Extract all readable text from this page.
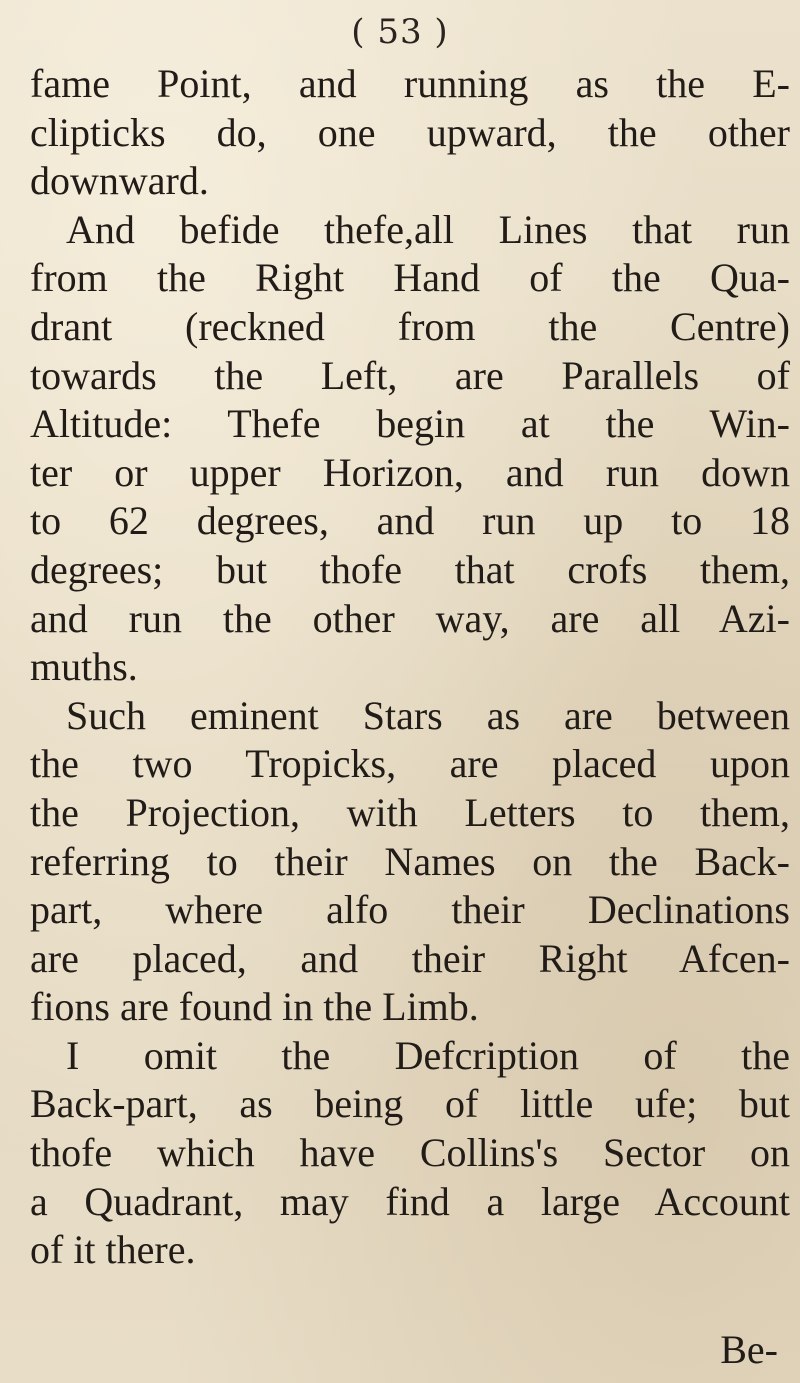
( 53 )
fame Point, and running as the E-
clipticks do, one upward, the other
downward.
And befide thefe,all Lines that run
from the Right Hand of the Qua-
drant (reckned from the Centre)
towards the Left, are Parallels of
Altitude: Thefe begin at the Win-
ter or upper Horizon, and run down
to 62 degrees, and run up to 18
degrees; but thofe that crofs them,
and run the other way, are all Azi-
muths.
Such eminent Stars as are between
the two Tropicks, are placed upon
the Projection, with Letters to them,
referring to their Names on the Back-
part, where alfo their Declinations
are placed, and their Right Afcen-
fions are found in the Limb.
I omit the Defcription of the
Back-part, as being of little ufe; but
thofe which have Collins's Sector on
a Quadrant, may find a large Account
of it there.
Be-
